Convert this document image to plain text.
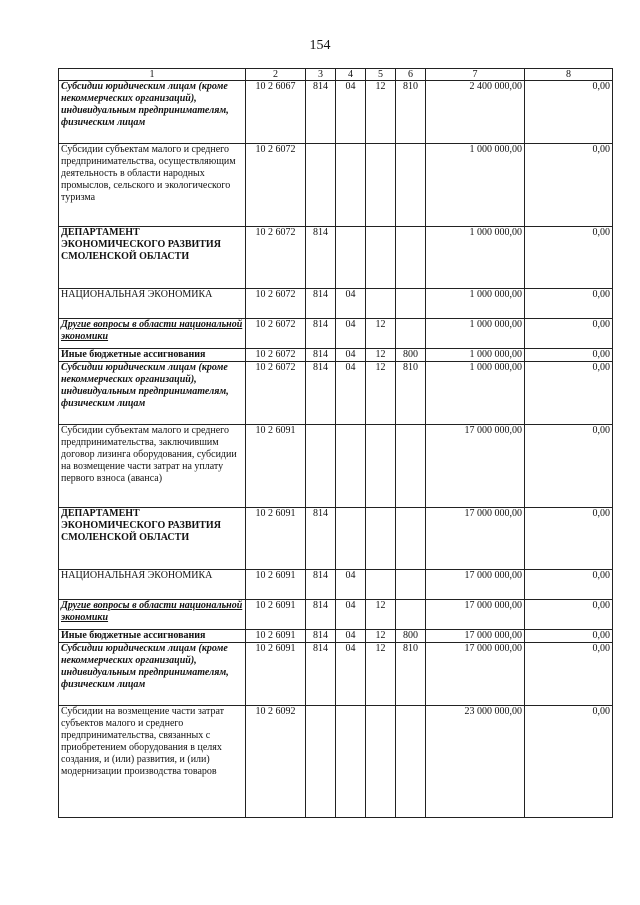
154
1	2	3	4	5	6	7	8
Субсидии юридическим лицам (кроме некоммерческих организаций), индивидуальным предпринимателям, физическим лицам	10 2 6067	814	04	12	810	2 400 000,00	0,00
Субсидии субъектам малого и среднего предпринимательства, осуществляющим деятельность в области народных промыслов, сельского и экологического туризма	10 2 6072					1 000 000,00	0,00
ДЕПАРТАМЕНТ ЭКОНОМИЧЕСКОГО РАЗВИТИЯ СМОЛЕНСКОЙ ОБЛАСТИ	10 2 6072	814				1 000 000,00	0,00
НАЦИОНАЛЬНАЯ ЭКОНОМИКА	10 2 6072	814	04			1 000 000,00	0,00
Другие вопросы в области национальной экономики	10 2 6072	814	04	12		1 000 000,00	0,00
Иные бюджетные ассигнования	10 2 6072	814	04	12	800	1 000 000,00	0,00
Субсидии юридическим лицам (кроме некоммерческих организаций), индивидуальным предпринимателям, физическим лицам	10 2 6072	814	04	12	810	1 000 000,00	0,00
Субсидии субъектам малого и среднего предпринимательства, заключившим договор лизинга оборудования, субсидии на возмещение части затрат на уплату первого взноса (аванса)	10 2 6091					17 000 000,00	0,00
ДЕПАРТАМЕНТ ЭКОНОМИЧЕСКОГО РАЗВИТИЯ СМОЛЕНСКОЙ ОБЛАСТИ	10 2 6091	814				17 000 000,00	0,00
НАЦИОНАЛЬНАЯ ЭКОНОМИКА	10 2 6091	814	04			17 000 000,00	0,00
Другие вопросы в области национальной экономики	10 2 6091	814	04	12		17 000 000,00	0,00
Иные бюджетные ассигнования	10 2 6091	814	04	12	800	17 000 000,00	0,00
Субсидии юридическим лицам (кроме некоммерческих организаций), индивидуальным предпринимателям, физическим лицам	10 2 6091	814	04	12	810	17 000 000,00	0,00
Субсидии на возмещение части затрат субъектов малого и среднего предпринимательства, связанных с приобретением оборудования в целях создания, и (или) развития, и (или) модернизации производства товаров	10 2 6092					23 000 000,00	0,00
